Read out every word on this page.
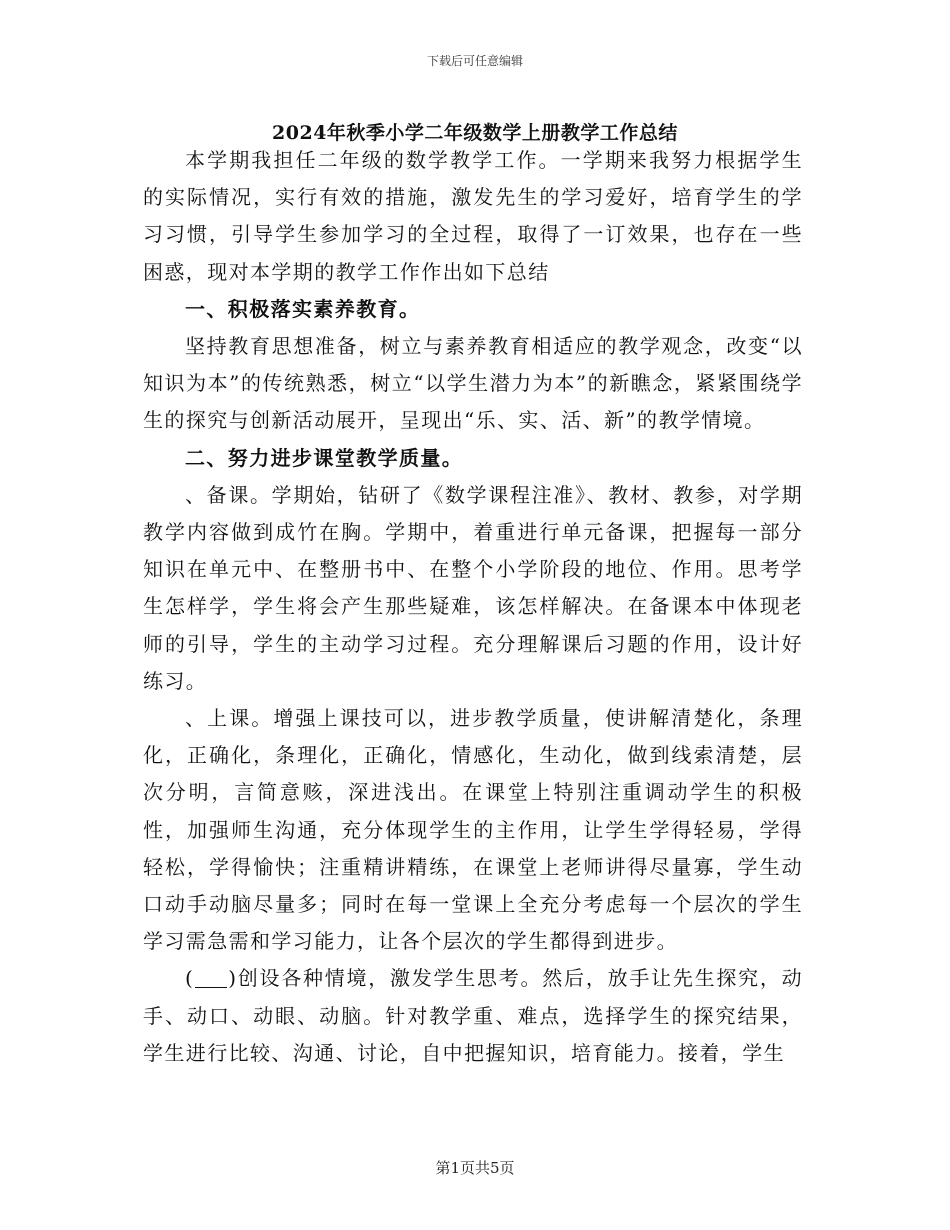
下载后可任意编辑
2024年秋季小学二年级数学上册教学工作总结

本学期我担任二年级的数学教学工作。一学期来我努力根据学生的实际情况，实行有效的措施，激发先生的学习爱好，培育学生的学习习惯，引导学生参加学习的全过程，取得了一订效果，也存在一些困惑，现对本学期的教学工作作出如下总结

一、积极落实素养教育。

坚持教育思想准备，树立与素养教育相适应的教学观念，改变“以知识为本”的传统熟悉，树立“以学生潜力为本”的新瞧念，紧紧围绕学生的探究与创新活动展开，呈现出“乐、实、活、新”的教学情境。

二、努力进步课堂教学质量。

、备课。学期始，钻研了《数学课程注准》、教材、教参，对学期教学内容做到成竹在胸。学期中，着重进行单元备课，把握每一部分知识在单元中、在整册书中、在整个小学阶段的地位、作用。思考学生怎样学，学生将会产生那些疑难，该怎样解决。在备课本中体现老师的引导，学生的主动学习过程。充分理解课后习题的作用，设计好练习。

、上课。增强上课技可以，进步教学质量，使讲解清楚化，条理化，正确化，条理化，正确化，情感化，生动化，做到线索清楚，层次分明，言简意赅，深进浅出。在课堂上特别注重调动学生的积极性，加强师生沟通，充分体现学生的主作用，让学生学得轻易，学得轻松，学得愉快；注重精讲精练，在课堂上老师讲得尽量寡，学生动口动手动脑尽量多；同时在每一堂课上全充分考虑每一个层次的学生学习需急需和学习能力，让各个层次的学生都得到进步。

( )创设各种情境，激发学生思考。然后，放手让先生探究，动手、动口、动眼、动脑。针对教学重、难点，选择学生的探究结果，学生进行比较、沟通、讨论，自中把握知识，培育能力。接着，学生

第1页共5页
